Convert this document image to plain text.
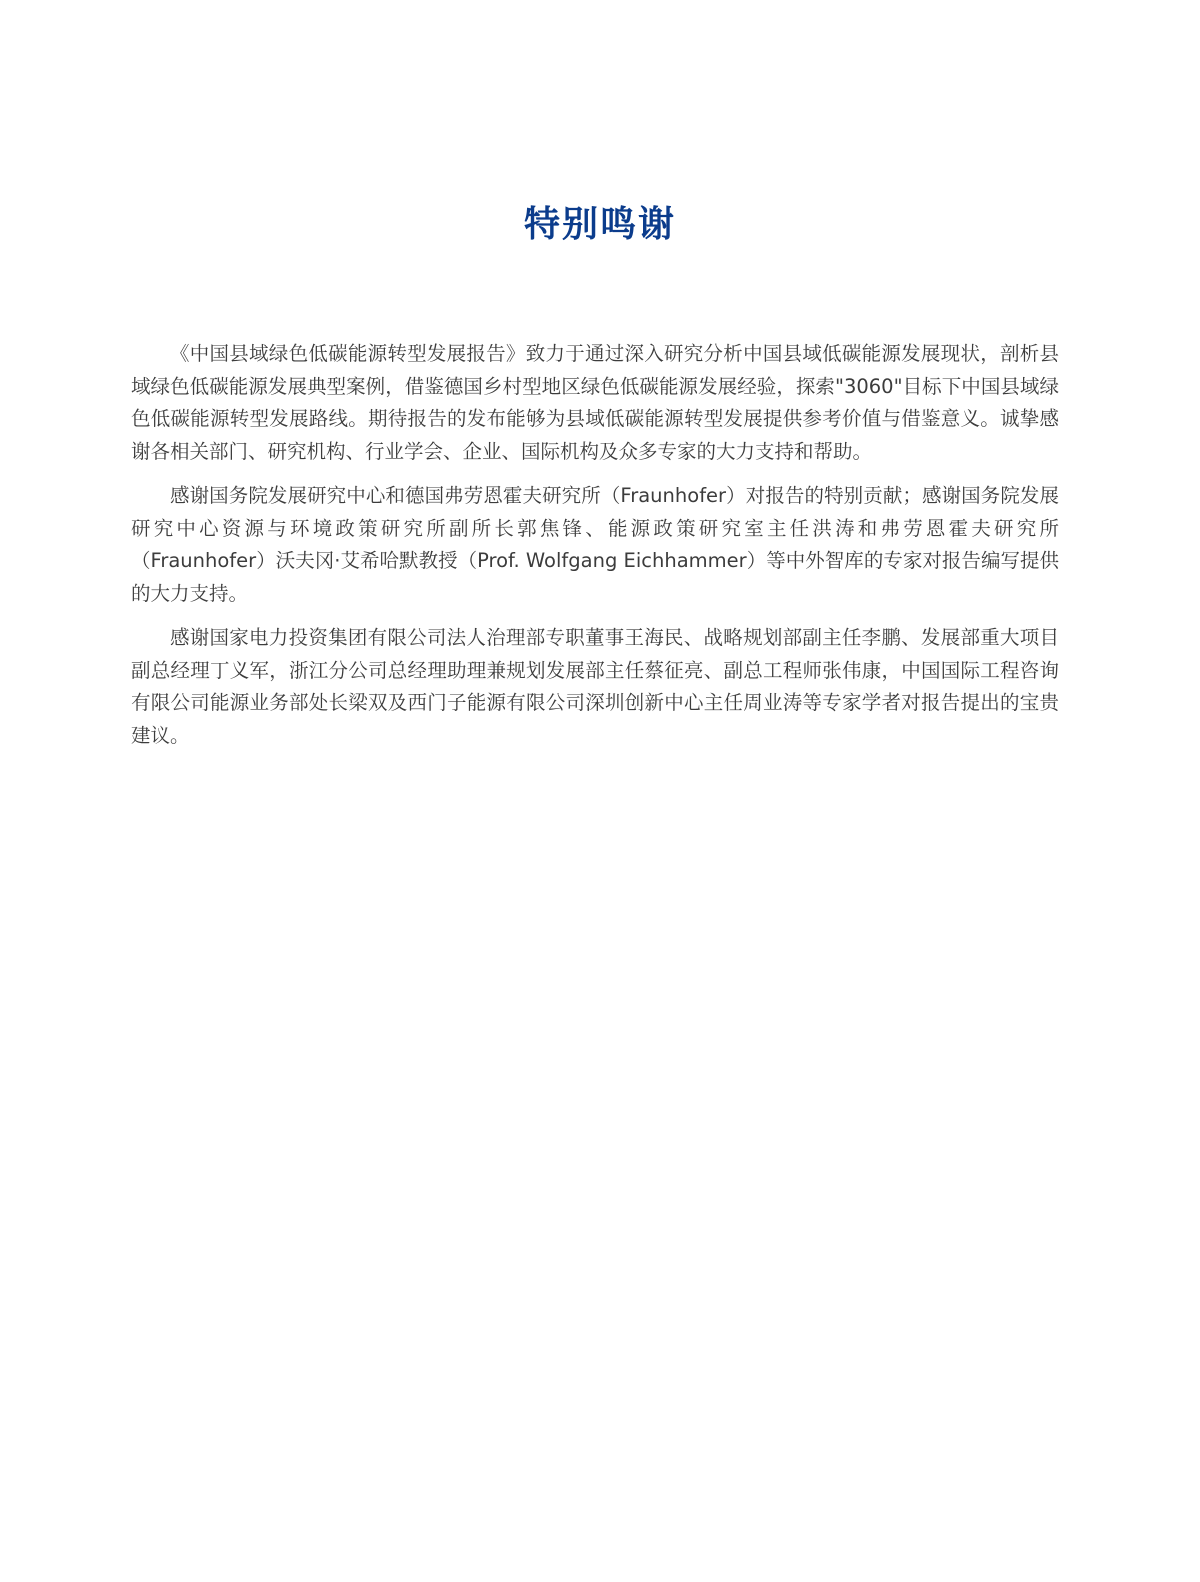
特别鸣谢

《中国县域绿色低碳能源转型发展报告》致力于通过深入研究分析中国县域低碳能源发展现状，剖析县域绿色低碳能源发展典型案例，借鉴德国乡村型地区绿色低碳能源发展经验，探索"3060"目标下中国县域绿色低碳能源转型发展路线。期待报告的发布能够为县域低碳能源转型发展提供参考价值与借鉴意义。诚挚感谢各相关部门、研究机构、行业学会、企业、国际机构及众多专家的大力支持和帮助。

感谢国务院发展研究中心和德国弗劳恩霍夫研究所（Fraunhofer）对报告的特别贡献；感谢国务院发展研究中心资源与环境政策研究所副所长郭焦锋、能源政策研究室主任洪涛和弗劳恩霍夫研究所（Fraunhofer）沃夫冈·艾希哈默教授（Prof. Wolfgang Eichhammer）等中外智库的专家对报告编写提供的大力支持。

感谢国家电力投资集团有限公司法人治理部专职董事王海民、战略规划部副主任李鹏、发展部重大项目副总经理丁义军，浙江分公司总经理助理兼规划发展部主任蔡征亮、副总工程师张伟康，中国国际工程咨询有限公司能源业务部处长梁双及西门子能源有限公司深圳创新中心主任周业涛等专家学者对报告提出的宝贵建议。
